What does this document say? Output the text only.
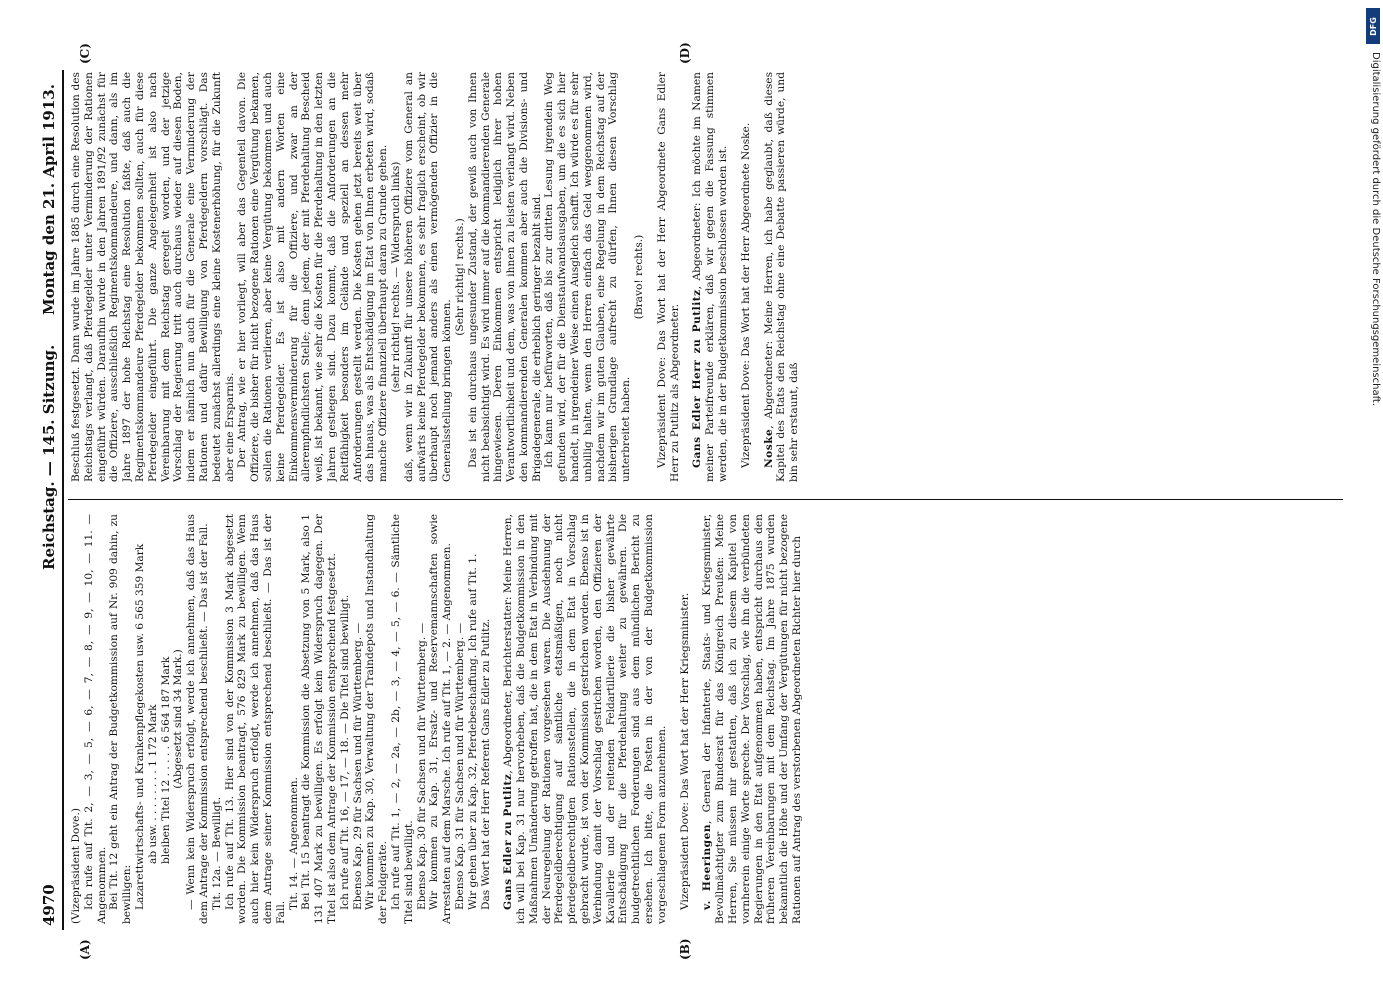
4970
Reichstag. — 145. Sitzung.
Montag den 21. April 1913.
(A)	(B)
(C)	(D)

(Vizepräsident Dove.) Ich rufe auf Tit. 2, — 3, — 5, — 6, — 7, — 8, — 9, — 10, — 11. — Angenommen. Bei Tit. 12 geht ein Antrag der Budgetkommission auf Nr. 909 dahin, zu bewilligen: Lazarettwirtschafts- und Krankenpflegekosten usw. 6 565 359 Mark ab usw. . . . . . . . . 1 172 Mark bleiben Titel 12 . . . . . 6 564 187 Mark (Abgesetzt sind 34 Mark.) — Wenn kein Widerspruch erfolgt, werde ich annehmen, daß das Haus dem Antrage der Kommission entsprechend beschließt. — Das ist der Fall. Tit. 12a. — Bewilligt. Ich rufe auf Tit. 13. Hier sind von der Kommission 3 Mark abgesetzt worden. Die Kommission beantragt, 576 829 Mark zu bewilligen. Wenn auch hier kein Widerspruch erfolgt, werde ich annehmen, daß das Haus dem Antrage seiner Kommission entsprechend beschließt. — Das ist der Fall.

Tit. 14. — Angenommen. Bei Tit. 15 beantragt die Kommission die Absetzung von 5 Mark, also 1 131 407 Mark zu bewilligen. Es erfolgt kein Widerspruch dagegen. Der Titel ist also dem Antrage der Kommission entsprechend festgesetzt. Ich rufe auf Tit. 16, — 17, — 18. — Die Titel sind bewilligt. Ebenso Kap. 29 für Sachsen und für Württemberg. — Wir kommen zu Kap. 30, Verwaltung der Traindepots und Instandhaltung der Feldgeräte. Ich rufe auf Tit. 1, — 2, — 2a, — 2b, — 3, — 4, — 5, — 6. — Sämtliche Titel sind bewilligt. Ebenso Kap. 30 für Sachsen und für Württemberg. — Wir kommen zu Kap. 31, Ersatz- und Reservemannschaften sowie Arrestaten auf dem Marsche. Ich rufe auf Tit. 1, — 2. — Angenommen. Ebenso Kap. 31 für Sachsen und für Württemberg. — Wir gehen über zu Kap. 32, Pferdebeschaffung. Ich rufe auf Tit. 1. Das Wort hat der Herr Referent Gans Edler zu Putlitz. Gans Edler zu Putlitz, Abgeordneter, Berichterstatter: Meine Herren, ich will bei Kap. 31 nur hervorheben, daß die Budgetkommission in den Maßnahmen Umänderung getroffen hat, die in dem Etat in Verbindung mit der Neuregelung der Rationen vorgesehen waren. Die Ausdehnung der Pferdegeldberechtigung auf sämtliche etatsmäßigen, noch nicht pferdegeldberechtigten Rationsstellen, die in dem Etat in Vorschlag gebracht wurde, ist von der Kommission gestrichen worden. Ebenso ist in Verbindung damit der Vorschlag gestrichen worden, den Offizieren der Kavallerie und der reitenden Feldartillerie die bisher gewährte Entschädigung für die Pferdehaltung weiter zu gewähren. Die budgetrechtlichen Forderungen sind aus dem mündlichen Bericht zu ersehen. Ich bitte, die Posten in der von der Budgetkommission vorgeschlagenen Form anzunehmen. Vizepräsident Dove: Das Wort hat der Herr Kriegsminister. v. Heeringen, General der Infanterie, Staats- und Kriegsminister, Bevollmächtigter zum Bundesrat für das Königreich Preußen: Meine Herren, Sie müssen mir gestatten, daß ich zu diesem Kapitel von vornherein einige Worte spreche. Der Vorschlag, wie ihn die verbündeten Regierungen in den Etat aufgenommen haben, entspricht durchaus den früheren Vereinbarungen mit dem Reichstag. Im Jahre 1875 wurden bekanntlich die Höhe und der Umfang der Vergütungen für nicht bezogene Rationen auf Antrag des verstorbenen Abgeordneten Richter hier durch

Beschluß festgesetzt. Dann wurde im Jahre 1885 durch eine Resolution des Reichstags verlangt, daß Pferdegelder unter Verminderung der Rationen eingeführt würden. Daraufhin wurde in den Jahren 1891/92 zunächst für die Offiziere, ausschließlich Regimentskommandeure, und dann, als im Jahre 1897 der hohe Reichstag eine Resolution faßte, daß auch die Regimentskommandeure Pferdegelder bekommen sollten, auch für diese Pferdegelder eingeführt. Die ganze Angelegenheit ist also nach Vereinbarung mit dem Reichstag geregelt worden, und der jetzige Vorschlag der Regierung tritt auch durchaus wieder auf diesen Boden, indem er nämlich nun auch für die Generale eine Verminderung der Rationen und dafür Bewilligung von Pferdegeldern vorschlägt. Das bedeutet zunächst allerdings eine kleine Kostenerhöhung, für die Zukunft aber eine Ersparnis. Der Antrag, wie er hier vorliegt, will aber das Gegenteil davon. Die Offiziere, die bisher für nicht bezogene Rationen eine Vergütung bekamen, sollen die Rationen verlieren, aber keine Vergütung bekommen und auch keine Pferdegelder. Es ist also mit andern Worten eine Einkommensverminderung für die Offiziere, und zwar an der allerempfindlichsten Stelle; denn jedem, der mit Pferdehaltung Bescheid weiß, ist bekannt, wie sehr die Kosten für die Pferdehaltung in den letzten Jahren gestiegen sind. Dazu kommt, daß die Anforderungen an die Reitfähigkeit besonders im Gelände und speziell an dessen mehr Anforderungen gestellt werden. Die Kosten gehen jetzt bereits weit über das hinaus, was als Entschädigung im Etat von Ihnen erbeten wird, sodaß manche Offiziere finanziell überhaupt daran zu Grunde gehen. (sehr richtig! rechts. — Widerspruch links) daß, wenn wir in Zukunft für unsere höheren Offiziere vom General an aufwärts keine Pferdegelder bekommen, es sehr fraglich erscheint, ob wir überhaupt noch jemand anders als einen vermögenden Offizier in die Generalsstellung bringen können.

(Sehr richtig! rechts.) Das ist ein durchaus ungesunder Zustand, der gewiß auch von Ihnen nicht beabsichtigt wird. Es wird immer auf die kommandierenden Generale hingewiesen. Deren Einkommen entspricht lediglich ihrer hohen Verantwortlichkeit und dem, was von ihnen zu leisten verlangt wird. Neben den kommandierenden Generalen kommen aber auch die Divisions- und Brigadegenerale, die erheblich geringer bezahlt sind. Ich kann nur befürworten, daß bis zur dritten Lesung irgendein Weg gefunden wird, der für die Dienstaufwandsausgaben, um die es sich hier handelt, in irgendeiner Weise einen Ausgleich schafft. Ich würde es für sehr unbillig halten, wenn den Herren einfach das Geld weggenommen wird, nachdem wir im guten Glauben, eine Regelung in dem Reichstag auf der bisherigen Grundlage aufrecht zu dürfen, Ihnen diesen Vorschlag unterbreitet haben.

(Bravo! rechts.) Vizepräsident Dove: Das Wort hat der Herr Abgeordnete Gans Edler Herr zu Putlitz als Abgeordneter. Gans Edler Herr zu Putlitz, Abgeordneter: Ich möchte im Namen meiner Parteifreunde erklären, daß wir gegen die Fassung stimmen werden, die in der Budgetkommission beschlossen worden ist. Vizepräsident Dove: Das Wort hat der Herr Abgeordnete Noske. Noske, Abgeordneter: Meine Herren, ich habe geglaubt, daß dieses Kapitel des Etats den Reichstag ohne eine Debatte passieren würde, und bin sehr erstaunt, daß

DFG
Digitalisierung gefördert durch die Deutsche Forschungsgemeinschaft.
